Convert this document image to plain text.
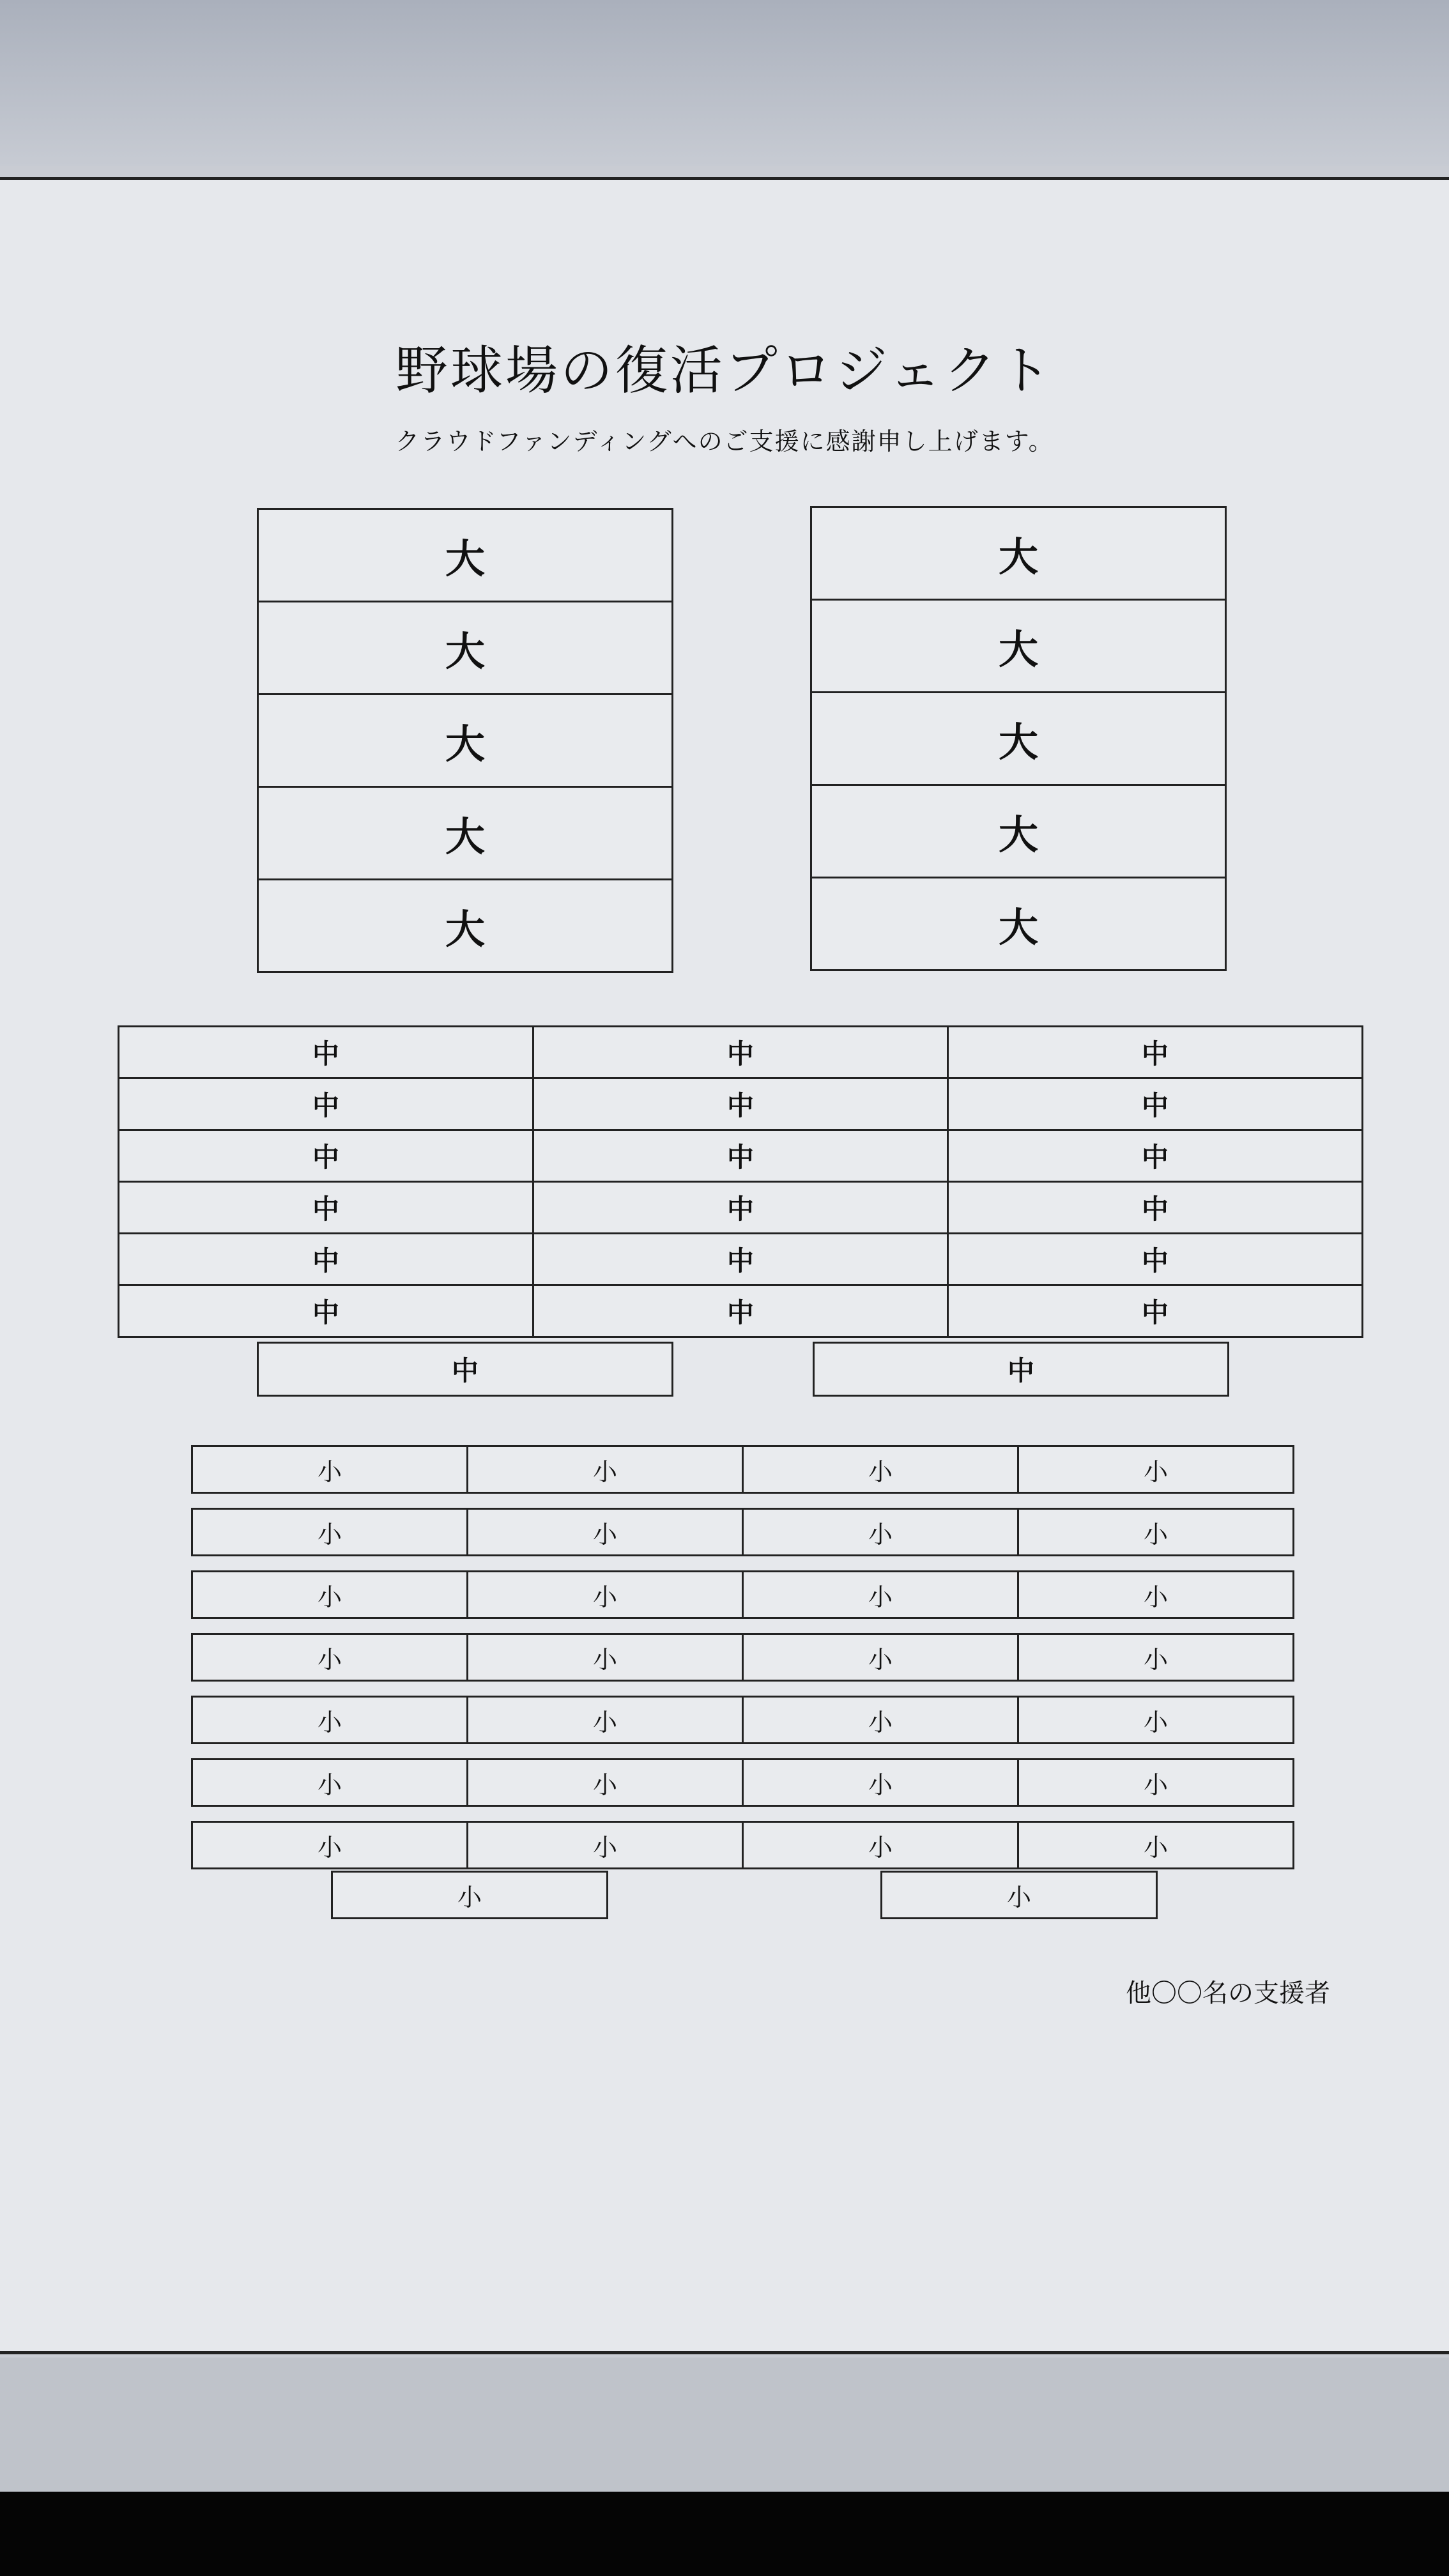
野球場の復活プロジェクト
クラウドファンディングへのご支援に感謝申し上げます。
大
大
大
大
大
大
大
大
大
大
中	中	中
中	中	中
中	中	中
中	中	中
中	中	中
中	中	中
中	中
小	小	小	小
小	小	小	小
小	小	小	小
小	小	小	小
小	小	小	小
小	小	小	小
小	小	小	小
小	小
他〇〇名の支援者
